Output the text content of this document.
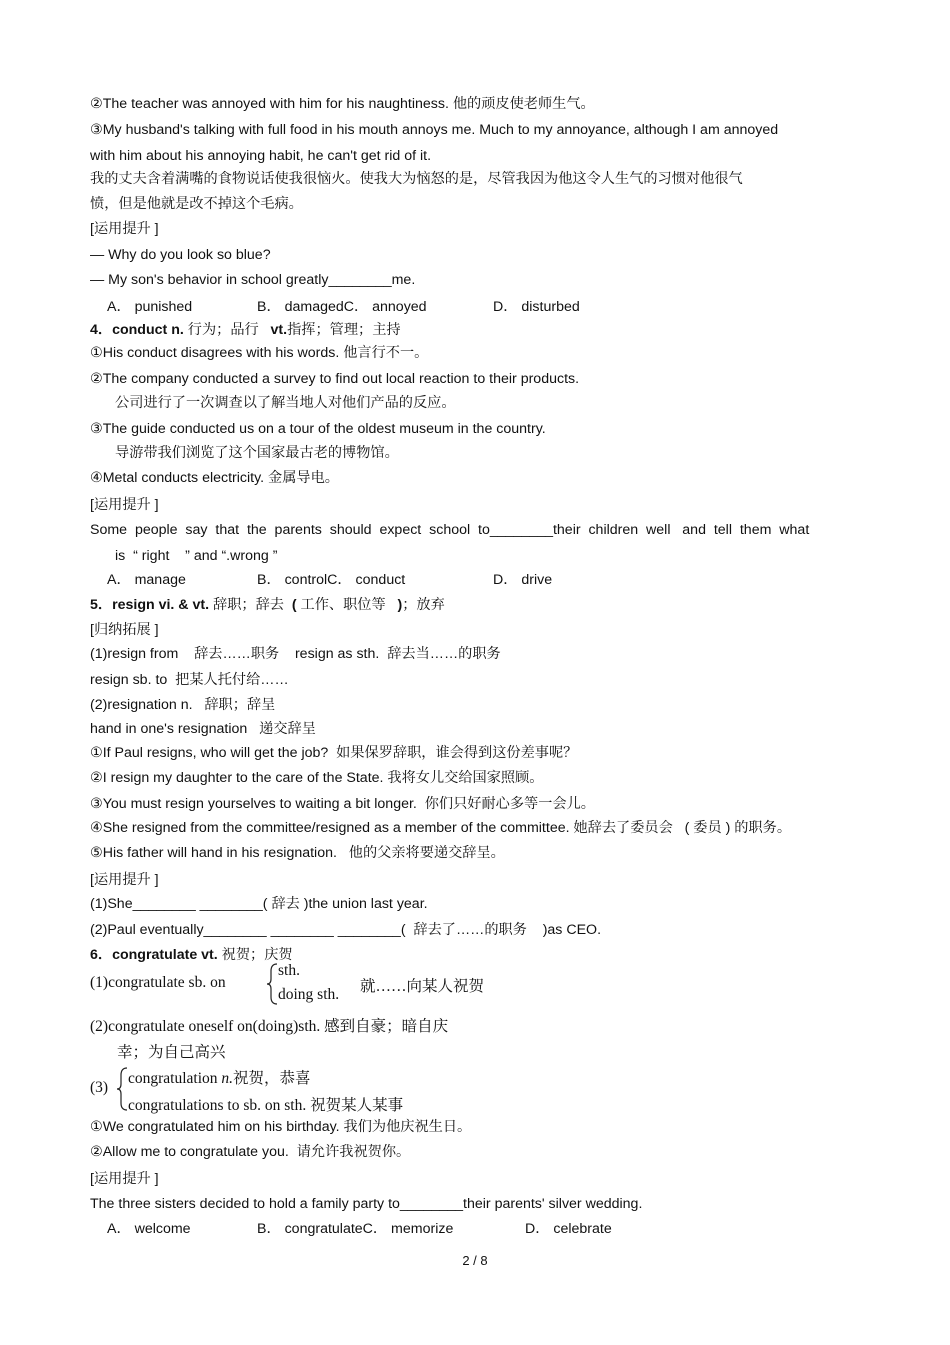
②The teacher was annoyed with him for his naughtiness. 他的顽皮使老师生气。
③My husband's talking with full food in his mouth annoys me. Much to my annoyance, although I am annoyed
with him about his annoying habit, he can't get rid of it.
我的丈夫含着满嘴的食物说话使我很恼火。使我大为恼怒的是，尽管我因为他这令人生气的习惯对他很气
愤，但是他就是改不掉这个毛病。
[运用提升 ]
— Why do you look so blue?
— My son's behavior in school greatly________me.
A． punished	B． damagedC． annoyed	D． disturbed
4．conduct n. 行为；品行   vt.指挥；管理；主持
①His conduct disagrees with his words. 他言行不一。
②The company conducted a survey to find out local reaction to their products.
公司进行了一次调查以了解当地人对他们产品的反应。
③The guide conducted us on a tour of the oldest museum in the country.
导游带我们浏览了这个国家最古老的博物馆。
④Metal conducts electricity. 金属导电。
[运用提升 ]
Some  people  say  that  the  parents  should  expect  school  to________their  children  well   and  tell  them  what
is  “ right    ” and “.wrong ”
A． manage	B． controlC． conduct	D． drive
5．resign vi. & vt. 辞职；辞去  ( 工作、职位等   )；放弃
[归纳拓展 ]
(1)resign from    辞去……职务    resign as sth.  辞去当……的职务
resign sb. to  把某人托付给……
(2)resignation n.   辞职；辞呈
hand in one's resignation   递交辞呈
①If Paul resigns, who will get the job?  如果保罗辞职，谁会得到这份差事呢？
②I resign my daughter to the care of the State. 我将女儿交给国家照顾。
③You must resign yourselves to waiting a bit longer.  你们只好耐心多等一会儿。
④She resigned from the committee/resigned as a member of the committee. 她辞去了委员会   ( 委员 ) 的职务。
⑤His father will hand in his resignation.   他的父亲将要递交辞呈。
[运用提升 ]
(1)She________ ________( 辞去 )the union last year.
(2)Paul eventually________ ________ ________(  辞去了……的职务    )as CEO.
6．congratulate vt. 祝贺；庆贺
(1)congratulate sb. on
sth.
doing sth. 就……向某人祝贺
(2)congratulate oneself on(doing)sth. 感到自豪；暗自庆
幸；为自己高兴
(3)
congratulation n.祝贺，恭喜
congratulations to sb. on sth. 祝贺某人某事
①We congratulated him on his birthday. 我们为他庆祝生日。
②Allow me to congratulate you.  请允许我祝贺你。
[运用提升 ]
The three sisters decided to hold a family party to________their parents' silver wedding.
A． welcome	B． congratulateC． memorize	D． celebrate
2 / 8
